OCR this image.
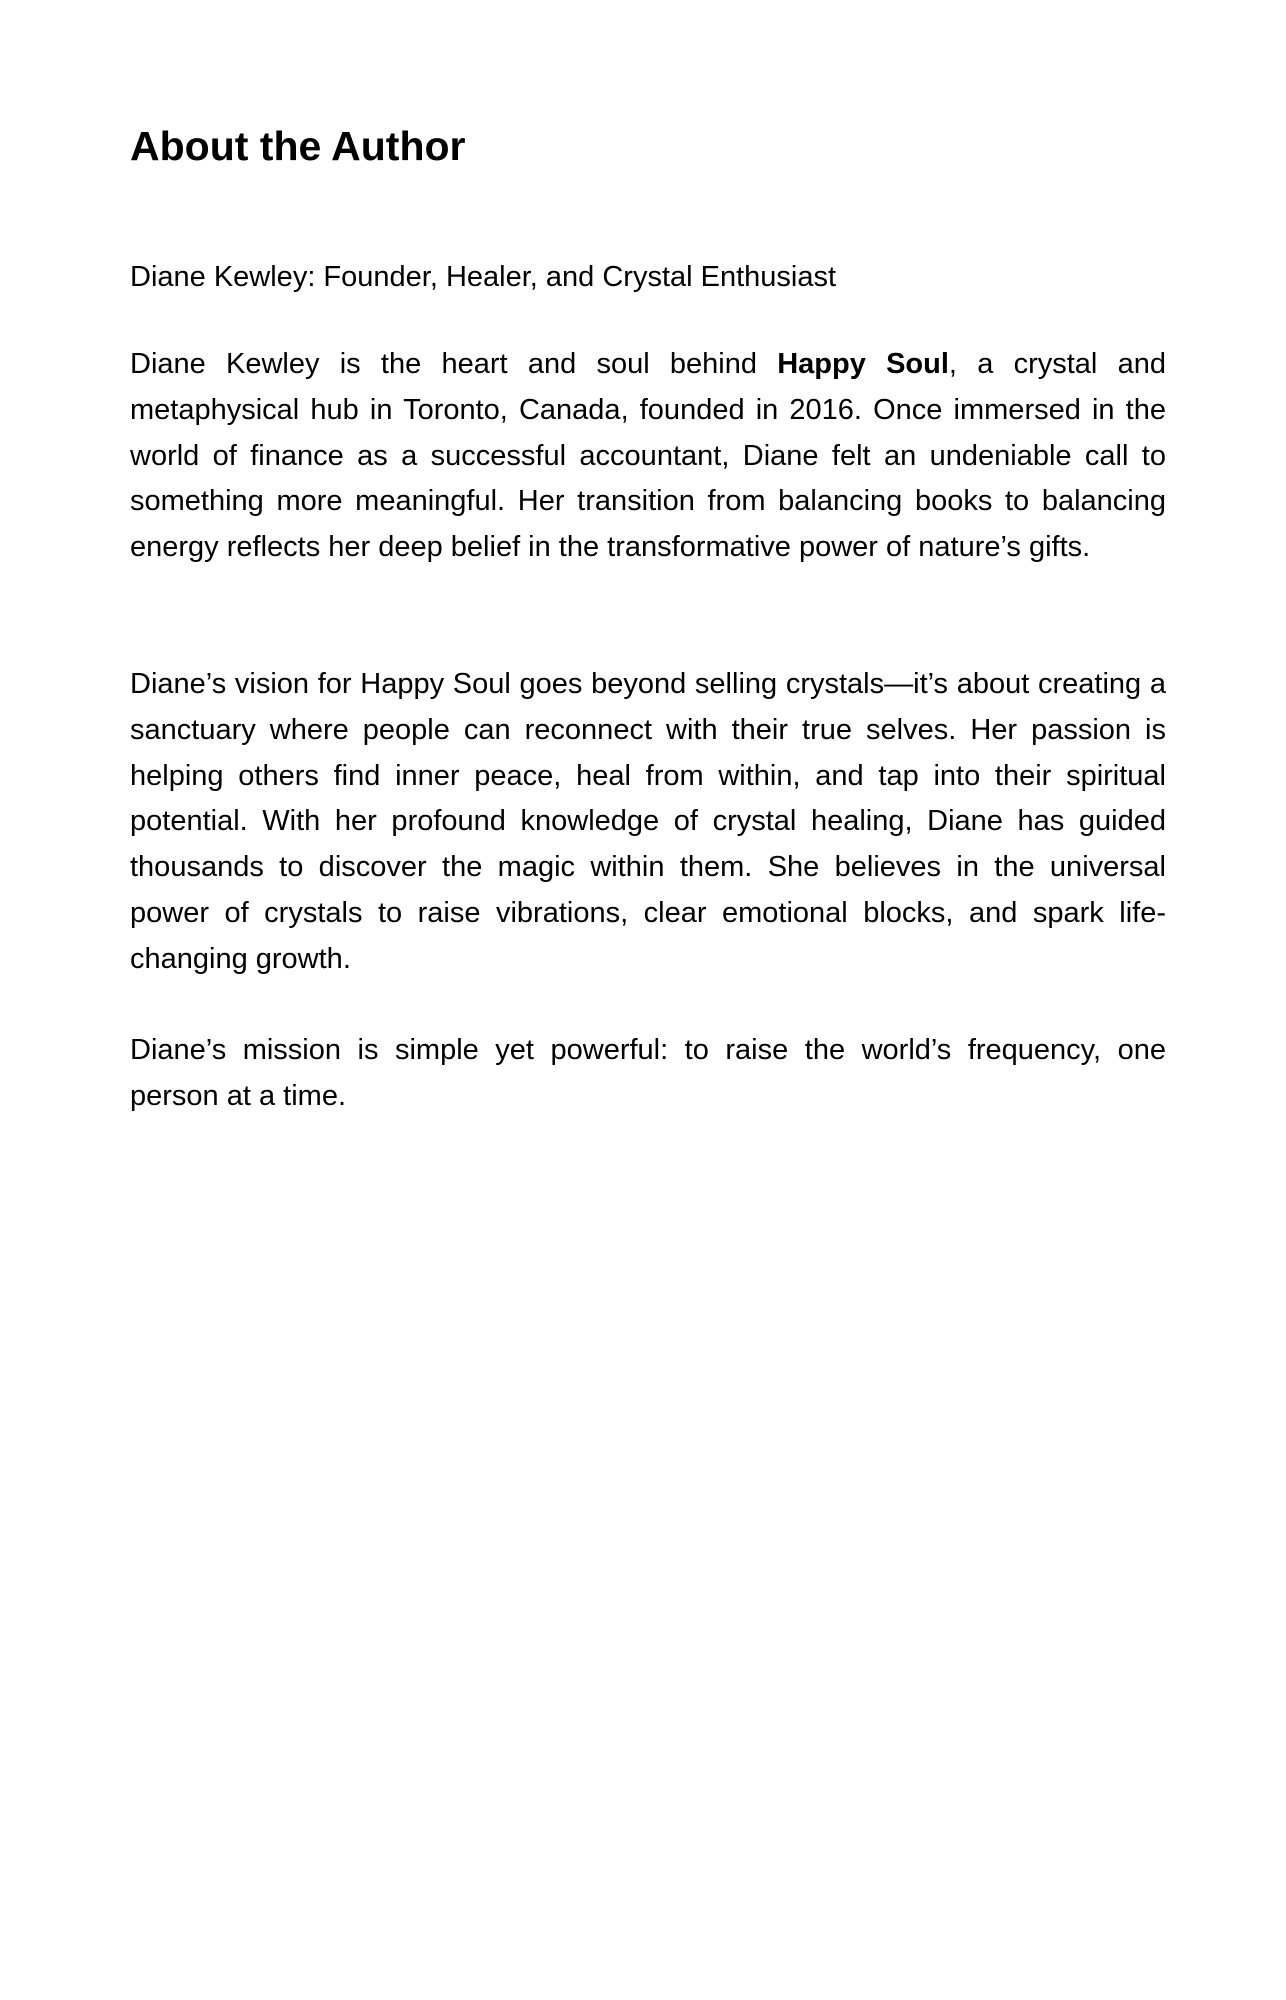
About the Author

Diane Kewley: Founder, Healer, and Crystal Enthusiast

Diane Kewley is the heart and soul behind Happy Soul, a crystal and metaphysical hub in Toronto, Canada, founded in 2016. Once immersed in the world of finance as a successful accountant, Diane felt an undeniable call to something more meaningful. Her transition from balancing books to balancing energy reflects her deep belief in the transformative power of nature’s gifts.

Diane’s vision for Happy Soul goes beyond selling crystals—it’s about creating a sanctuary where people can reconnect with their true selves. Her passion is helping others find inner peace, heal from within, and tap into their spiritual potential. With her profound knowledge of crystal healing, Diane has guided thousands to discover the magic within them. She believes in the universal power of crystals to raise vibrations, clear emotional blocks, and spark life-changing growth.

Diane’s mission is simple yet powerful: to raise the world’s frequency, one person at a time.
